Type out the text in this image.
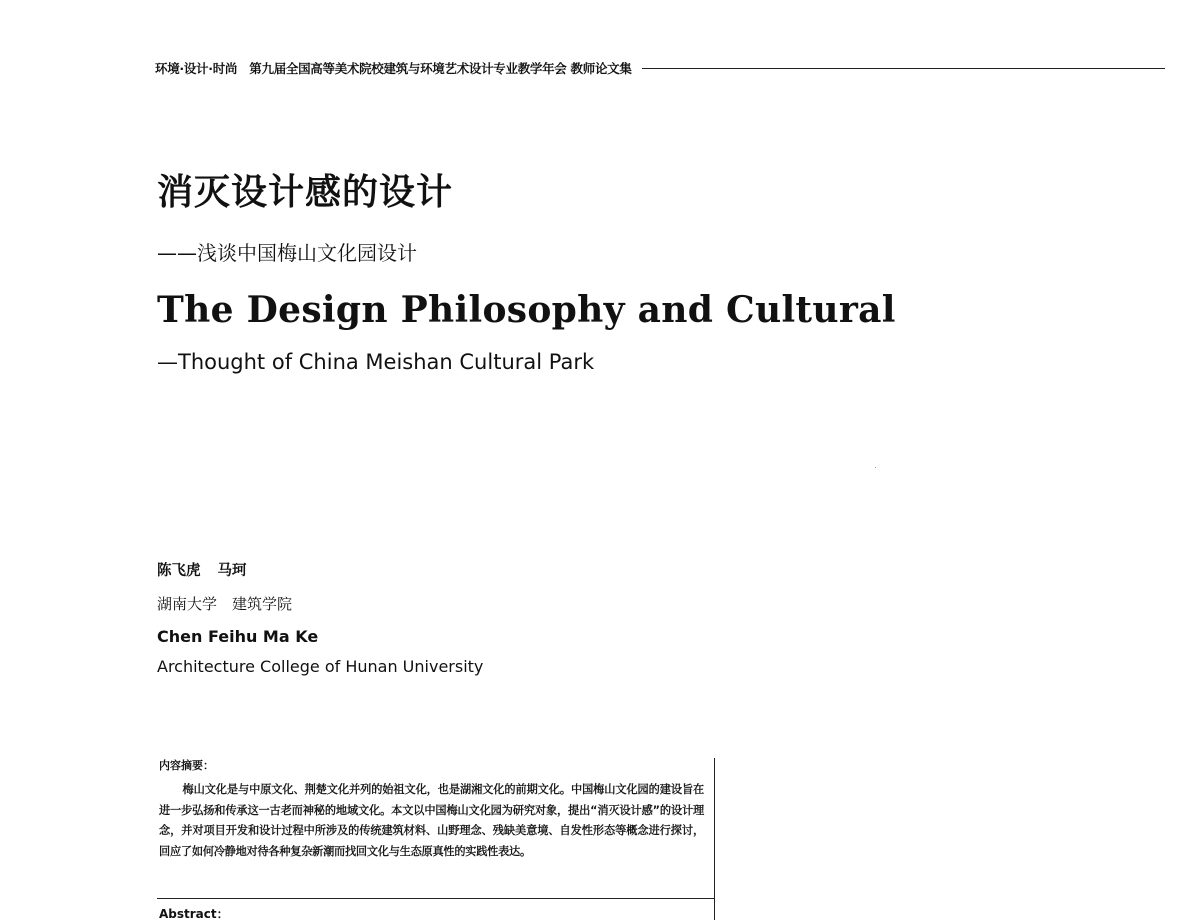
环境·设计·时尚　第九届全国高等美术院校建筑与环境艺术设计专业教学年会 教师论文集
消灭设计感的设计
——浅谈中国梅山文化园设计
The Design Philosophy and Cultural
—Thought of China Meishan Cultural Park
陈飞虎 马珂
湖南大学　建筑学院
Chen Feihu Ma Ke
Architecture College of Hunan University
内容摘要：
梅山文化是与中原文化、荆楚文化并列的始祖文化，也是湖湘文化的前期文化。中国梅山文化园的建设旨在进一步弘扬和传承这一古老而神秘的地域文化。本文以中国梅山文化园为研究对象，提出“消灭设计感”的设计理念，并对项目开发和设计过程中所涉及的传统建筑材料、山野理念、残缺美意境、自发性形态等概念进行探讨，回应了如何冷静地对待各种复杂新潮而找回文化与生态原真性的实践性表达。
Abstract：
